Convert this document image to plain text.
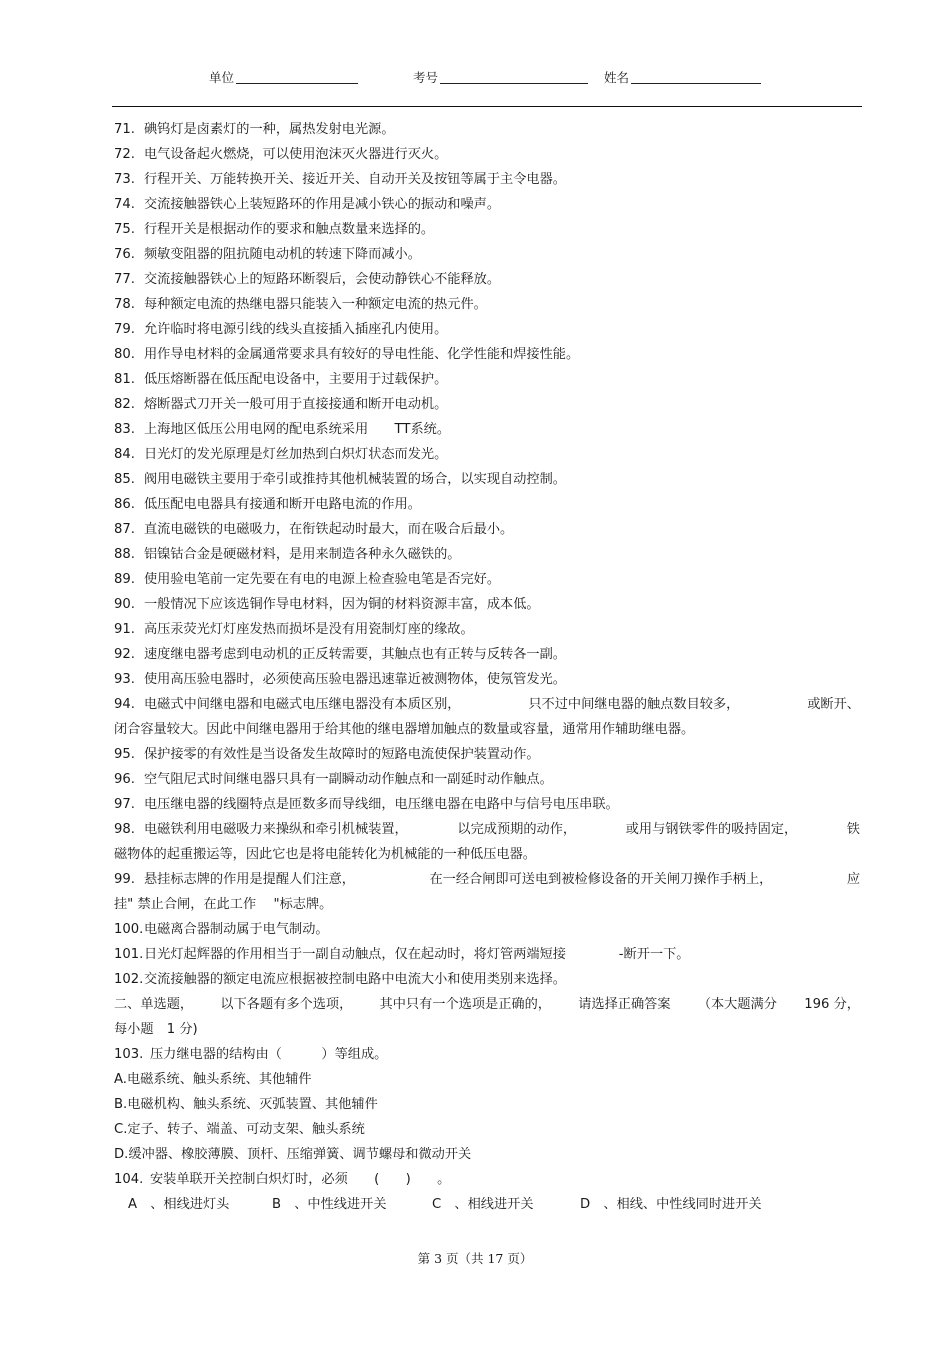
单位	考号	姓名
71. 碘钨灯是卤素灯的一种，属热发射电光源。
72. 电气设备起火燃烧，可以使用泡沫灭火器进行灭火。
73. 行程开关、万能转换开关、接近开关、自动开关及按钮等属于主令电器。
74. 交流接触器铁心上装短路环的作用是减小铁心的振动和噪声。
75. 行程开关是根据动作的要求和触点数量来选择的。
76. 频敏变阻器的阻抗随电动机的转速下降而减小。
77. 交流接触器铁心上的短路环断裂后，会使动静铁心不能释放。
78. 每种额定电流的热继电器只能装入一种额定电流的热元件。
79. 允许临时将电源引线的线头直接插入插座孔内使用。
80. 用作导电材料的金属通常要求具有较好的导电性能、化学性能和焊接性能。
81. 低压熔断器在低压配电设备中，主要用于过载保护。
82. 熔断器式刀开关一般可用于直接接通和断开电动机。
83. 上海地区低压公用电网的配电系统采用  TT系统。
84. 日光灯的发光原理是灯丝加热到白炽灯状态而发光。
85. 阀用电磁铁主要用于牵引或推持其他机械装置的场合，以实现自动控制。
86. 低压配电电器具有接通和断开电路电流的作用。
87. 直流电磁铁的电磁吸力，在衔铁起动时最大，而在吸合后最小。
88. 铝镍钴合金是硬磁材料，是用来制造各种永久磁铁的。
89. 使用验电笔前一定先要在有电的电源上检查验电笔是否完好。
90. 一般情况下应该选铜作导电材料，因为铜的材料资源丰富，成本低。
91. 高压汞荧光灯灯座发热而损坏是没有用瓷制灯座的缘故。
92. 速度继电器考虑到电动机的正反转需要，其触点也有正转与反转各一副。
93. 使用高压验电器时，必须使高压验电器迅速靠近被测物体，使氖管发光。
94. 电磁式中间继电器和电磁式电压继电器没有本质区别，	只不过中间继电器的触点数目较多，	或断开、
闭合容量较大。因此中间继电器用于给其他的继电器增加触点的数量或容量，通常用作辅助继电器。
95. 保护接零的有效性是当设备发生故障时的短路电流使保护装置动作。
96. 空气阻尼式时间继电器只具有一副瞬动动作触点和一副延时动作触点。
97. 电压继电器的线圈特点是匝数多而导线细，电压继电器在电路中与信号电压串联。
98. 电磁铁利用电磁吸力来操纵和牵引机械装置，	以完成预期的动作，	或用与钢铁零件的吸持固定，	铁
磁物体的起重搬运等，因此它也是将电能转化为机械能的一种低压电器。
99. 悬挂标志牌的作用是提醒人们注意，	在一经合闸即可送电到被检修设备的开关闸刀操作手柄上，	应
挂" 禁止合闸，在此工作  "标志牌。
100.电磁离合器制动属于电气制动。
101.日光灯起辉器的作用相当于一副自动触点，仅在起动时，将灯管两端短接    -断开一下。
102.交流接触器的额定电流应根据被控制电路中电流大小和使用类别来选择。
二、单选题， 以下各题有多个选项， 其中只有一个选项是正确的， 请选择正确答案 （本大题满分 196 分，
每小题　1 分)
103. 压力继电器的结构由（   ）等组成。
A.电磁系统、触头系统、其他辅件
B.电磁机构、触头系统、灭弧装置、其他辅件
C.定子、转子、端盖、可动支架、触头系统
D.缓冲器、橡胶薄膜、顶杆、压缩弹簧、调节螺母和微动开关
104. 安装单联开关控制白炽灯时，必须  (  )  。
A 、相线进灯头	B 、中性线进开关	C 、相线进开关	D 、相线、中性线同时进开关
第 3 页（共 17 页）
